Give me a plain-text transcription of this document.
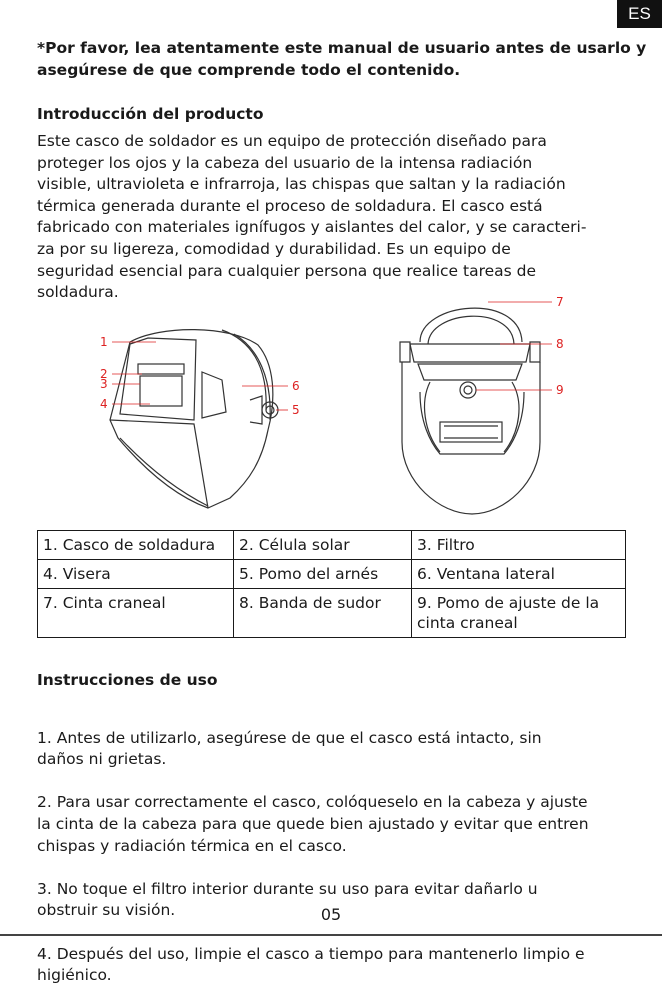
ES

*Por favor, lea atentamente este manual de usuario antes de usarlo y asegúrese de que comprende todo el contenido.

Introducción del producto

Este casco de soldador es un equipo de protección diseñado para
proteger los ojos y la cabeza del usuario de la intensa radiación
visible, ultravioleta e infrarroja, las chispas que saltan y la radiación
térmica generada durante el proceso de soldadura. El casco está
fabricado con materiales ignífugos y aislantes del calor, y se caracteri-
za por su ligereza, comodidad y durabilidad. Es un equipo de
seguridad esencial para cualquier persona que realice tareas de
soldadura.

1
2
3
4
6
5
7
8
9
1. Casco de soldadura	2. Célula solar	3. Filtro
4. Visera	5. Pomo del arnés	6. Ventana lateral
7. Cinta craneal	8. Banda de sudor	9. Pomo de ajuste de la
cinta craneal
Instrucciones de uso

1. Antes de utilizarlo, asegúrese de que el casco está intacto, sin
daños ni grietas.

2. Para usar correctamente el casco, colóqueselo en la cabeza y ajuste
la cinta de la cabeza para que quede bien ajustado y evitar que entren
chispas y radiación térmica en el casco.

3. No toque el filtro interior durante su uso para evitar dañarlo u
obstruir su visión.

4. Después del uso, limpie el casco a tiempo para mantenerlo limpio e
higiénico.

05
